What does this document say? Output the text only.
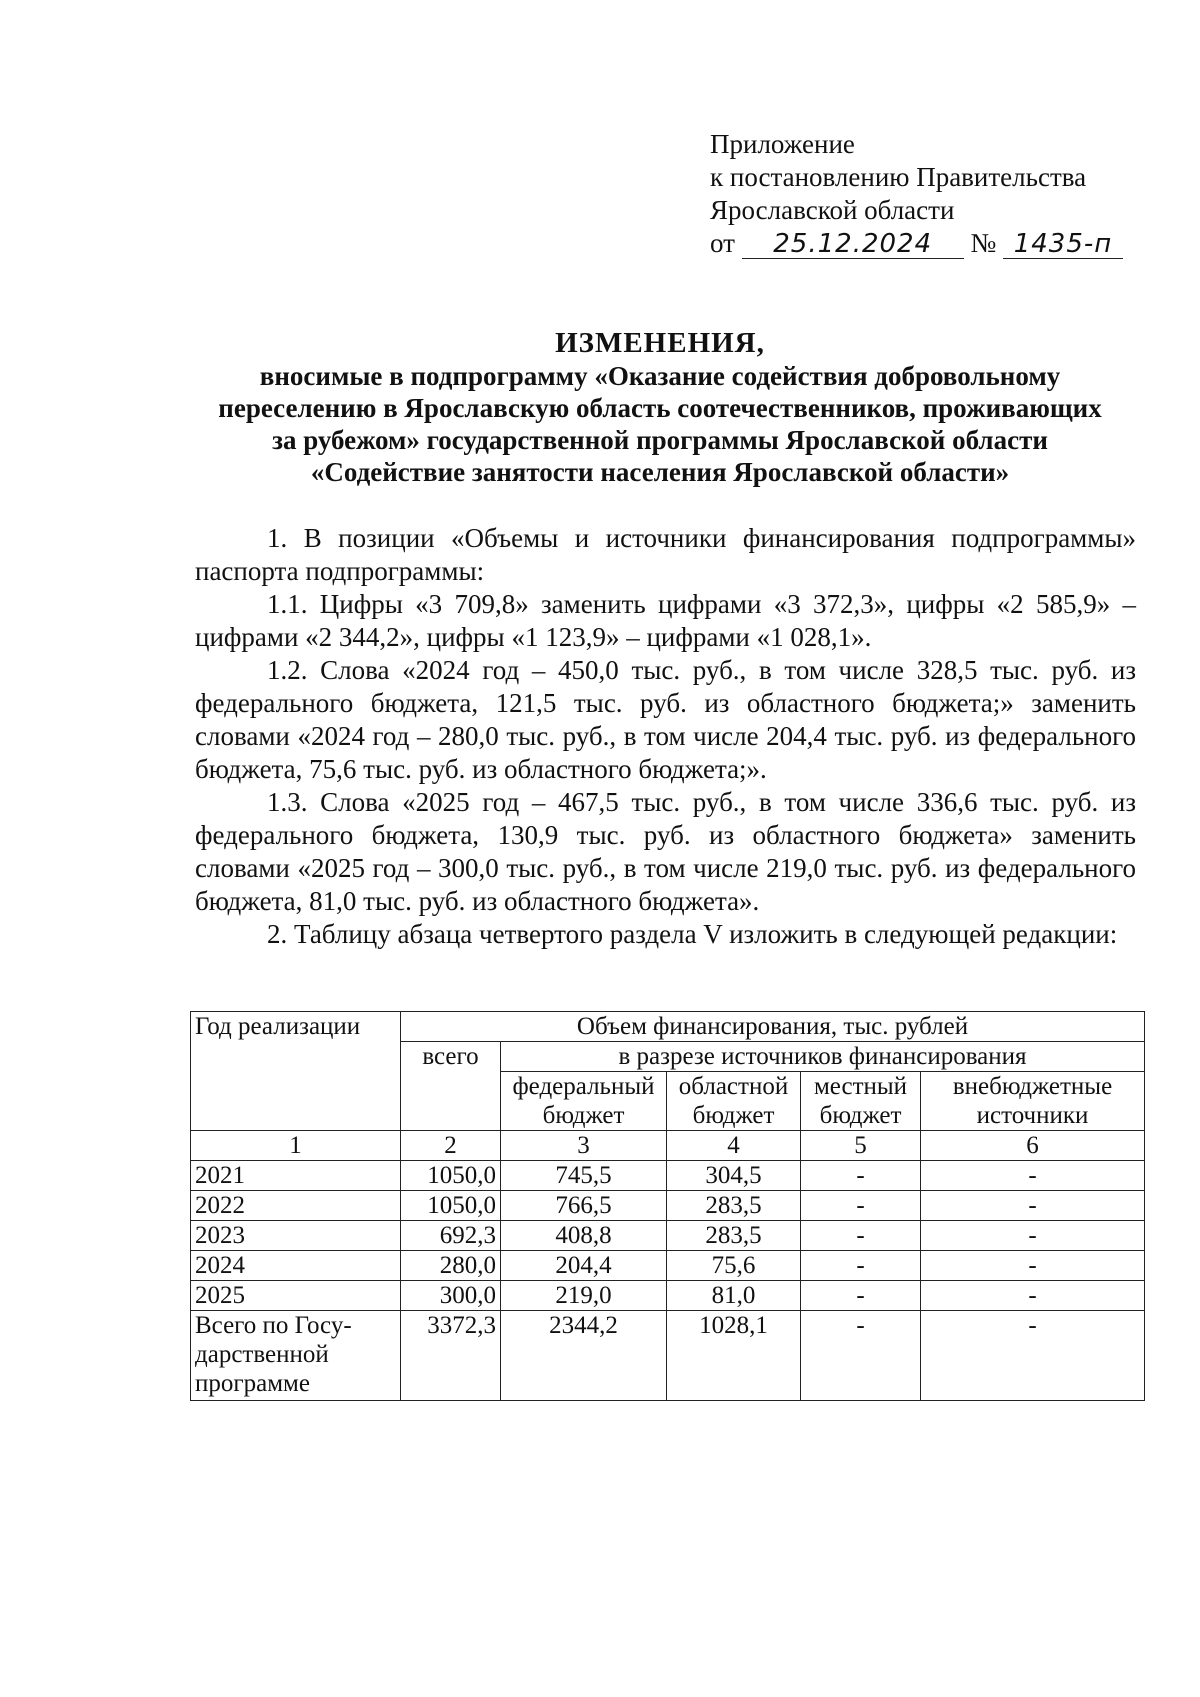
Приложение
к постановлению Правительства
Ярославской области
от 25.12.2024 № 1435-п
ИЗМЕНЕНИЯ,
вносимые в подпрограмму «Оказание содействия добровольному
переселению в Ярославскую область соотечественников, проживающих
за рубежом» государственной программы Ярославской области
«Содействие занятости населения Ярославской области»

1. В позиции «Объемы и источники финансирования подпрограммы» паспорта подпрограммы:

1.1. Цифры «3 709,8» заменить цифрами «3 372,3», цифры «2 585,9» – цифрами «2 344,2», цифры «1 123,9» – цифрами «1 028,1».

1.2. Слова «2024 год – 450,0 тыс. руб., в том числе 328,5 тыс. руб. из федерального бюджета, 121,5 тыс. руб. из областного бюджета;» заменить словами «2024 год – 280,0 тыс. руб., в том числе 204,4 тыс. руб. из федерального бюджета, 75,6 тыс. руб. из областного бюджета;».

1.3. Слова «2025 год – 467,5 тыс. руб., в том числе 336,6 тыс. руб. из федерального бюджета, 130,9 тыс. руб. из областного бюджета» заменить словами «2025 год – 300,0 тыс. руб., в том числе 219,0 тыс. руб. из федерального бюджета, 81,0 тыс. руб. из областного бюджета».

2. Таблицу абзаца четвертого раздела V изложить в следующей редакции:

Год реализации	Объем финансирования, тыс. рублей				
	всего	в разрезе источников финансирования			
		федеральный бюджет	областной бюджет	местный бюджет	внебюджетные источники
1	2	3	4	5	6
2021	1050,0	745,5	304,5	-	-
2022	1050,0	766,5	283,5	-	-
2023	692,3	408,8	283,5	-	-
2024	280,0	204,4	75,6	-	-
2025	300,0	219,0	81,0	-	-
Всего по Госу-дарственной программе	3372,3	2344,2	1028,1	-	-
